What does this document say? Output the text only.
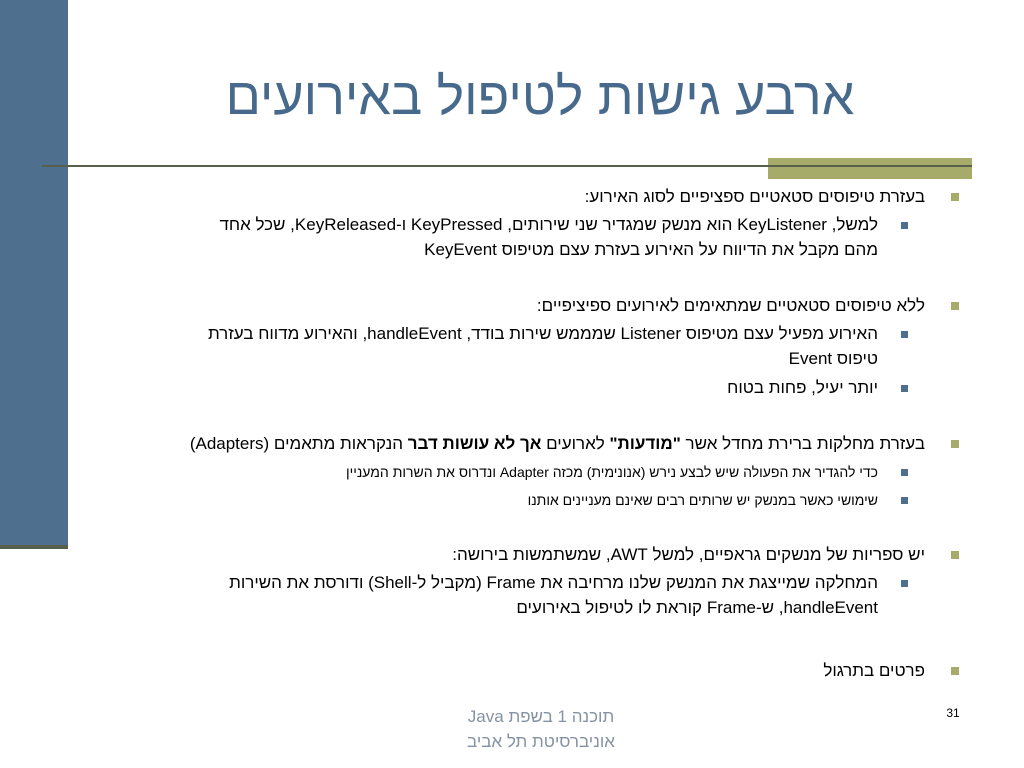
ארבע גישות לטיפול באירועים
בעזרת טיפוסים סטאטיים ספציפיים לסוג האירוע:
למשל, KeyListener הוא מנשק שמגדיר שני שירותים, KeyPressed ו-KeyReleased, שכל אחד
מהם מקבל את הדיווח על האירוע בעזרת עצם מטיפוס KeyEvent
ללא טיפוסים סטאטיים שמתאימים לאירועים ספיציפיים:
האירוע מפעיל עצם מטיפוס Listener שמממש שירות בודד, handleEvent, והאירוע מדווח בעזרת
טיפוס Event
יותר יעיל, פחות בטוח
בעזרת מחלקות ברירת מחדל אשר "מודעות" לארועים אך לא עושות דבר הנקראות מתאמים (Adapters)
כדי להגדיר את הפעולה שיש לבצע נירש (אנונימית) מכזה Adapter ונדרוס את השרות המעניין
שימושי כאשר במנשק יש שרותים רבים שאינם מעניינים אותנו
יש ספריות של מנשקים גראפיים, למשל AWT, שמשתמשות בירושה:
המחלקה שמייצגת את המנשק שלנו מרחיבה את Frame (מקביל ל-Shell) ודורסת את השירות
handleEvent, ש-Frame קוראת לו לטיפול באירועים
פרטים בתרגול
תוכנה 1 בשפת Java
אוניברסיטת תל אביב
31
